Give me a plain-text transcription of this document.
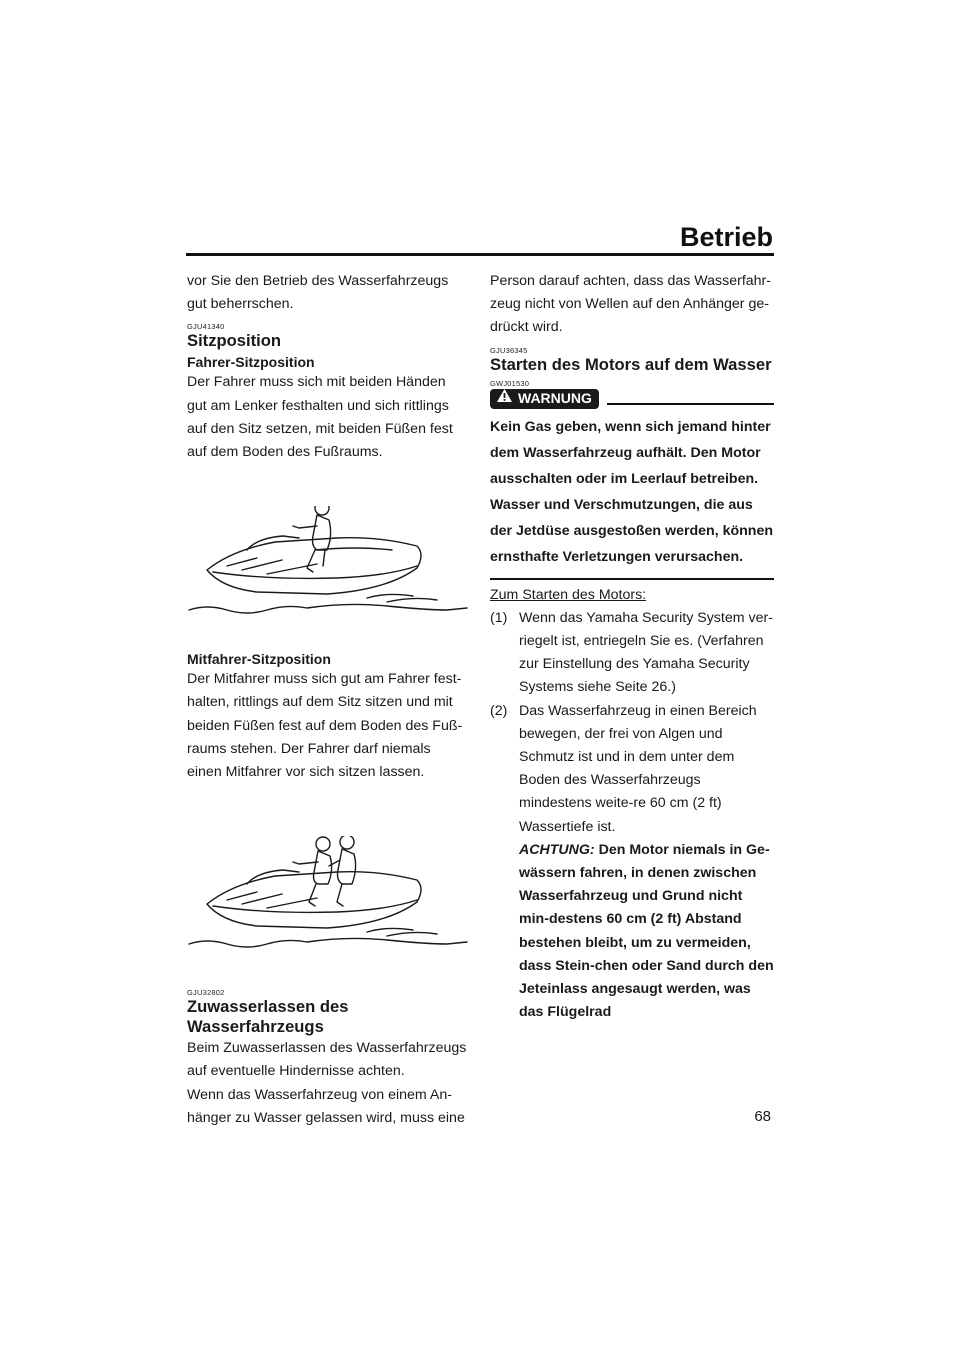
Betrieb

vor Sie den Betrieb des Wasserfahrzeugs gut beherrschen.

GJU41340
Sitzposition
Fahrer-Sitzposition

Der Fahrer muss sich mit beiden Händen gut am Lenker festhalten und sich rittlings auf den Sitz setzen, mit beiden Füßen fest auf dem Boden des Fußraums.

Mitfahrer-Sitzposition

Der Mitfahrer muss sich gut am Fahrer fest-halten, rittlings auf dem Sitz sitzen und mit beiden Füßen fest auf dem Boden des Fuß-raums stehen. Der Fahrer darf niemals einen Mitfahrer vor sich sitzen lassen.

GJU32802
Zuwasserlassen des Wasserfahrzeugs

Beim Zuwasserlassen des Wasserfahrzeugs auf eventuelle Hindernisse achten.

Wenn das Wasserfahrzeug von einem An-hänger zu Wasser gelassen wird, muss eine

Person darauf achten, dass das Wasserfahr-zeug nicht von Wellen auf den Anhänger ge-drückt wird.

GJU36345
Starten des Motors auf dem Wasser
GWJ01530
WARNUNG
Kein Gas geben, wenn sich jemand hinter dem Wasserfahrzeug aufhält. Den Motor ausschalten oder im Leerlauf betreiben. Wasser und Verschmutzungen, die aus der Jetdüse ausgestoßen werden, können ernsthafte Verletzungen verursachen.
Zum Starten des Motors:
(1) Wenn das Yamaha Security System ver-riegelt ist, entriegeln Sie es. (Verfahren zur Einstellung des Yamaha Security Systems siehe Seite 26.)
(2) Das Wasserfahrzeug in einen Bereich bewegen, der frei von Algen und Schmutz ist und in dem unter dem Boden des Wasserfahrzeugs mindestens weite-re 60 cm (2 ft) Wassertiefe ist.
ACHTUNG: Den Motor niemals in Ge-wässern fahren, in denen zwischen Wasserfahrzeug und Grund nicht min-destens 60 cm (2 ft) Abstand bestehen bleibt, um zu vermeiden, dass Stein-chen oder Sand durch den Jeteinlass angesaugt werden, was das Flügelrad
68
